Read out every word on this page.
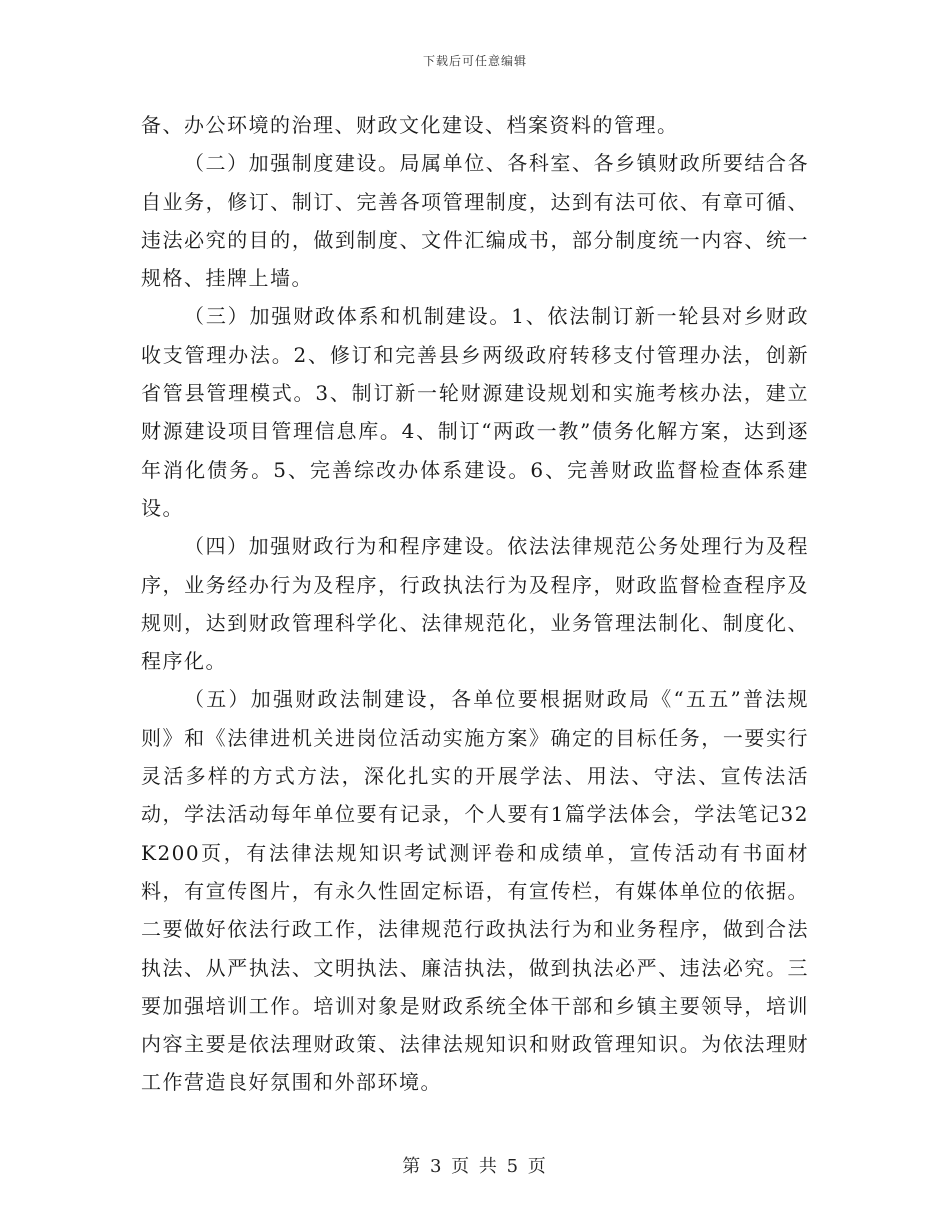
下载后可任意编辑

备、办公环境的治理、财政文化建设、档案资料的管理。

（二）加强制度建设。局属单位、各科室、各乡镇财政所要结合各自业务，修订、制订、完善各项管理制度，达到有法可依、有章可循、违法必究的目的，做到制度、文件汇编成书，部分制度统一内容、统一规格、挂牌上墙。

（三）加强财政体系和机制建设。1、依法制订新一轮县对乡财政收支管理办法。2、修订和完善县乡两级政府转移支付管理办法，创新省管县管理模式。3、制订新一轮财源建设规划和实施考核办法，建立财源建设项目管理信息库。4、制订“两政一教”债务化解方案，达到逐年消化债务。5、完善综改办体系建设。6、完善财政监督检查体系建设。

（四）加强财政行为和程序建设。依法法律规范公务处理行为及程序，业务经办行为及程序，行政执法行为及程序，财政监督检查程序及规则，达到财政管理科学化、法律规范化，业务管理法制化、制度化、程序化。

（五）加强财政法制建设，各单位要根据财政局《“五五”普法规则》和《法律进机关进岗位活动实施方案》确定的目标任务，一要实行灵活多样的方式方法，深化扎实的开展学法、用法、守法、宣传法活动，学法活动每年单位要有记录，个人要有1篇学法体会，学法笔记32K200页，有法律法规知识考试测评卷和成绩单，宣传活动有书面材料，有宣传图片，有永久性固定标语，有宣传栏，有媒体单位的依据。二要做好依法行政工作，法律规范行政执法行为和业务程序，做到合法执法、从严执法、文明执法、廉洁执法，做到执法必严、违法必究。三要加强培训工作。培训对象是财政系统全体干部和乡镇主要领导，培训内容主要是依法理财政策、法律法规知识和财政管理知识。为依法理财工作营造良好氛围和外部环境。

第 3 页 共 5 页
